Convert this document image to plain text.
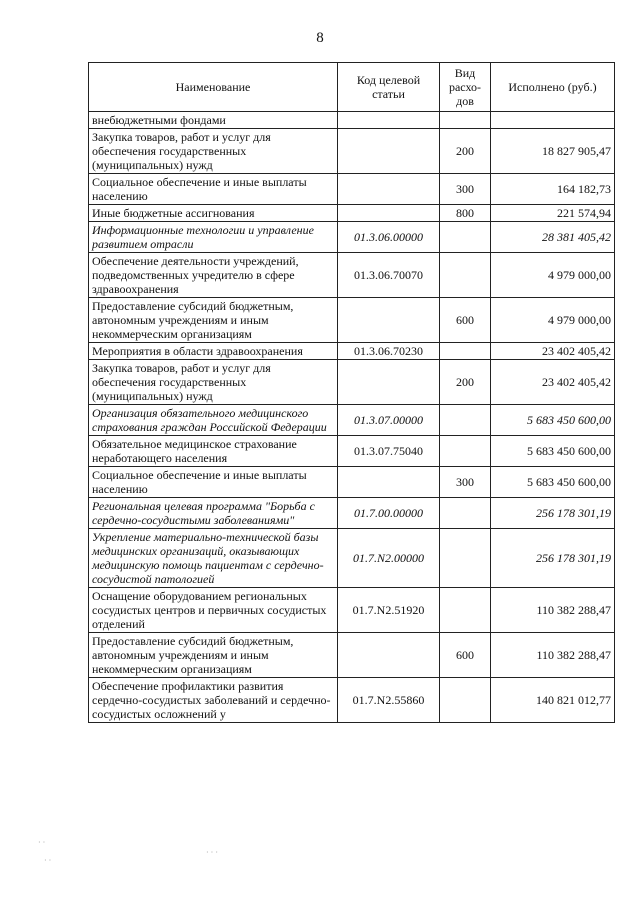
8
Наименование	Код целевой статьи	Вид расхо-дов	Исполнено (руб.)
внебюджетными фондами			
Закупка товаров, работ и услуг для обеспечения государственных (муниципальных) нужд		200	18 827 905,47
Социальное обеспечение и иные выплаты населению		300	164 182,73
Иные бюджетные ассигнования		800	221 574,94
Информационные технологии и управление развитием отрасли	01.3.06.00000		28 381 405,42
Обеспечение деятельности учреждений, подведомственных учредителю в сфере здравоохранения	01.3.06.70070		4 979 000,00
Предоставление субсидий бюджетным, автономным учреждениям и иным некоммерческим организациям		600	4 979 000,00
Мероприятия в области здравоохранения	01.3.06.70230		23 402 405,42
Закупка товаров, работ и услуг для обеспечения государственных (муниципальных) нужд		200	23 402 405,42
Организация обязательного медицинского страхования граждан Российской Федерации	01.3.07.00000		5 683 450 600,00
Обязательное медицинское страхование неработающего населения	01.3.07.75040		5 683 450 600,00
Социальное обеспечение и иные выплаты населению		300	5 683 450 600,00
Региональная целевая программа "Борьба с сердечно-сосудистыми заболеваниями"	01.7.00.00000		256 178 301,19
Укрепление материально-технической базы медицинских организаций, оказывающих медицинскую помощь пациентам с сердечно-сосудистой патологией	01.7.N2.00000		256 178 301,19
Оснащение оборудованием региональных сосудистых центров и первичных сосудистых отделений	01.7.N2.51920		110 382 288,47
Предоставление субсидий бюджетным, автономным учреждениям и иным некоммерческим организациям		600	110 382 288,47
Обеспечение профилактики развития сердечно-сосудистых заболеваний и сердечно-сосудистых осложнений у	01.7.N2.55860		140 821 012,77
· ·
· ·
· · ·
